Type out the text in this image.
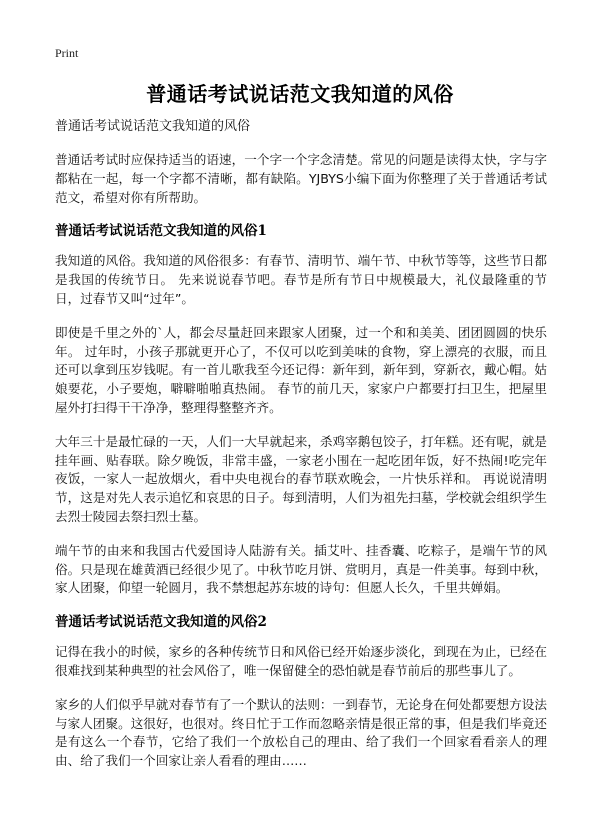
Print
普通话考试说话范文我知道的风俗
普通话考试说话范文我知道的风俗

普通话考试时应保持适当的语速，一个字一个字念清楚。常见的问题是读得太快，字与字都粘在一起，每一个字都不清晰，都有缺陷。YJBYS小编下面为你整理了关于普通话考试范文，希望对你有所帮助。

普通话考试说话范文我知道的风俗1

我知道的风俗。我知道的风俗很多：有春节、清明节、端午节、中秋节等等，这些节日都是我国的传统节日。 先来说说春节吧。春节是所有节日中规模最大，礼仪最隆重的节日，过春节又叫“过年”。

即使是千里之外的`人，都会尽量赶回来跟家人团聚，过一个和和美美、团团圆圆的快乐年。 过年时，小孩子那就更开心了，不仅可以吃到美味的食物，穿上漂亮的衣服，而且还可以拿到压岁钱呢。有一首儿歌我至今还记得：新年到，新年到，穿新衣，戴心帽。姑娘要花，小子要炮，噼噼啪啪真热闹。 春节的前几天，家家户户都要打扫卫生，把屋里屋外打扫得干干净净，整理得整整齐齐。

大年三十是最忙碌的一天，人们一大早就起来，杀鸡宰鹅包饺子，打年糕。还有呢，就是挂年画、贴春联。除夕晚饭，非常丰盛，一家老小围在一起吃团年饭，好不热闹!吃完年夜饭，一家人一起放烟火，看中央电视台的春节联欢晚会，一片快乐祥和。 再说说清明节，这是对先人表示追忆和哀思的日子。每到清明，人们为祖先扫墓，学校就会组织学生去烈士陵园去祭扫烈士墓。

端午节的由来和我国古代爱国诗人陆游有关。插艾叶、挂香囊、吃粽子，是端午节的风俗。只是现在雄黄酒已经很少见了。中秋节吃月饼、赏明月，真是一件美事。每到中秋，家人团聚，仰望一轮圆月，我不禁想起苏东坡的诗句：但愿人长久，千里共婵娟。

普通话考试说话范文我知道的风俗2

记得在我小的时候，家乡的各种传统节日和风俗已经开始逐步淡化，到现在为止，已经在很难找到某种典型的社会风俗了，唯一保留健全的恐怕就是春节前后的那些事儿了。

家乡的人们似乎早就对春节有了一个默认的法则：一到春节，无论身在何处都要想方设法与家人团聚。这很好，也很对。终日忙于工作而忽略亲情是很正常的事，但是我们毕竟还是有这么一个春节，它给了我们一个放松自己的理由、给了我们一个回家看看亲人的理由、给了我们一个回家让亲人看看的理由……
